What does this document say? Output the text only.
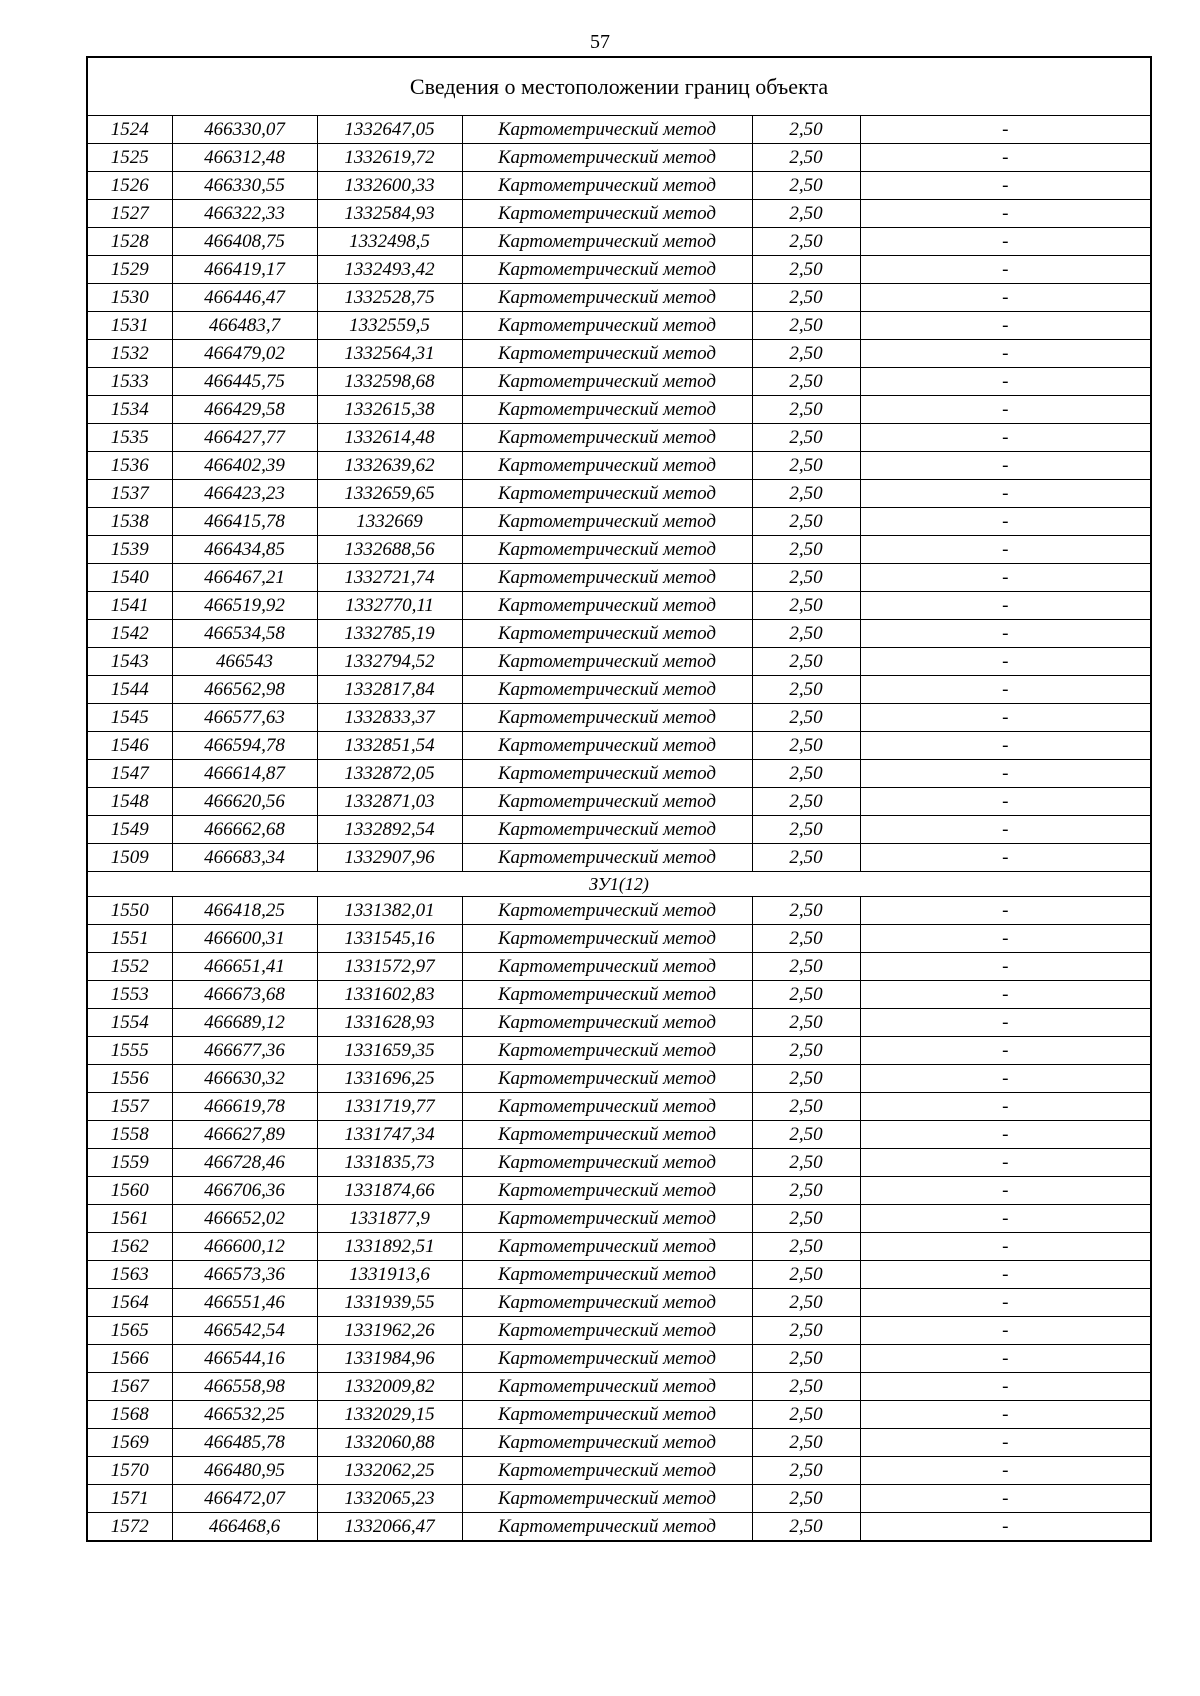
57
Сведения о местоположении границ объекта					
1524	466330,07	1332647,05	Картометрический метод	2,50	-
1525	466312,48	1332619,72	Картометрический метод	2,50	-
1526	466330,55	1332600,33	Картометрический метод	2,50	-
1527	466322,33	1332584,93	Картометрический метод	2,50	-
1528	466408,75	1332498,5	Картометрический метод	2,50	-
1529	466419,17	1332493,42	Картометрический метод	2,50	-
1530	466446,47	1332528,75	Картометрический метод	2,50	-
1531	466483,7	1332559,5	Картометрический метод	2,50	-
1532	466479,02	1332564,31	Картометрический метод	2,50	-
1533	466445,75	1332598,68	Картометрический метод	2,50	-
1534	466429,58	1332615,38	Картометрический метод	2,50	-
1535	466427,77	1332614,48	Картометрический метод	2,50	-
1536	466402,39	1332639,62	Картометрический метод	2,50	-
1537	466423,23	1332659,65	Картометрический метод	2,50	-
1538	466415,78	1332669	Картометрический метод	2,50	-
1539	466434,85	1332688,56	Картометрический метод	2,50	-
1540	466467,21	1332721,74	Картометрический метод	2,50	-
1541	466519,92	1332770,11	Картометрический метод	2,50	-
1542	466534,58	1332785,19	Картометрический метод	2,50	-
1543	466543	1332794,52	Картометрический метод	2,50	-
1544	466562,98	1332817,84	Картометрический метод	2,50	-
1545	466577,63	1332833,37	Картометрический метод	2,50	-
1546	466594,78	1332851,54	Картометрический метод	2,50	-
1547	466614,87	1332872,05	Картометрический метод	2,50	-
1548	466620,56	1332871,03	Картометрический метод	2,50	-
1549	466662,68	1332892,54	Картометрический метод	2,50	-
1509	466683,34	1332907,96	Картометрический метод	2,50	-
ЗУ1(12)					
1550	466418,25	1331382,01	Картометрический метод	2,50	-
1551	466600,31	1331545,16	Картометрический метод	2,50	-
1552	466651,41	1331572,97	Картометрический метод	2,50	-
1553	466673,68	1331602,83	Картометрический метод	2,50	-
1554	466689,12	1331628,93	Картометрический метод	2,50	-
1555	466677,36	1331659,35	Картометрический метод	2,50	-
1556	466630,32	1331696,25	Картометрический метод	2,50	-
1557	466619,78	1331719,77	Картометрический метод	2,50	-
1558	466627,89	1331747,34	Картометрический метод	2,50	-
1559	466728,46	1331835,73	Картометрический метод	2,50	-
1560	466706,36	1331874,66	Картометрический метод	2,50	-
1561	466652,02	1331877,9	Картометрический метод	2,50	-
1562	466600,12	1331892,51	Картометрический метод	2,50	-
1563	466573,36	1331913,6	Картометрический метод	2,50	-
1564	466551,46	1331939,55	Картометрический метод	2,50	-
1565	466542,54	1331962,26	Картометрический метод	2,50	-
1566	466544,16	1331984,96	Картометрический метод	2,50	-
1567	466558,98	1332009,82	Картометрический метод	2,50	-
1568	466532,25	1332029,15	Картометрический метод	2,50	-
1569	466485,78	1332060,88	Картометрический метод	2,50	-
1570	466480,95	1332062,25	Картометрический метод	2,50	-
1571	466472,07	1332065,23	Картометрический метод	2,50	-
1572	466468,6	1332066,47	Картометрический метод	2,50	-
